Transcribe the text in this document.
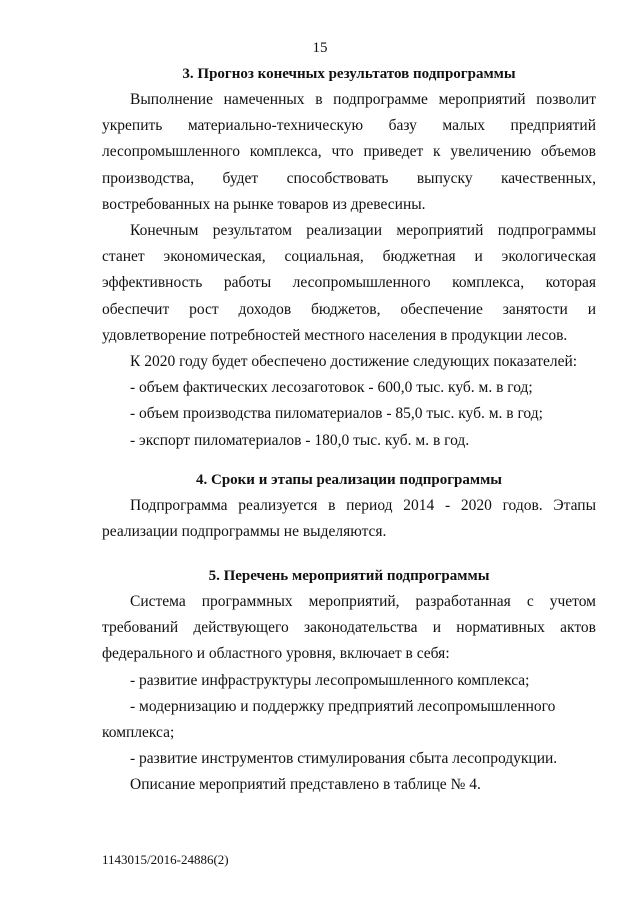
15
3. Прогноз конечных результатов подпрограммы

Выполнение намеченных в подпрограмме мероприятий позволит укрепить материально-техническую базу малых предприятий лесопромышленного комплекса, что приведет к увеличению объемов производства, будет способствовать выпуску качественных, востребованных на рынке товаров из древесины.

Конечным результатом реализации мероприятий подпрограммы станет экономическая, социальная, бюджетная и экологическая эффективность работы лесопромышленного комплекса, которая обеспечит рост доходов бюджетов, обеспечение занятости и удовлетворение потребностей местного населения в продукции лесов.

К 2020 году будет обеспечено достижение следующих показателей:

- объем фактических лесозаготовок - 600,0 тыс. куб. м. в год;
- объем производства пиломатериалов - 85,0 тыс. куб. м. в год;
- экспорт пиломатериалов - 180,0 тыс. куб. м. в год.
4. Сроки и этапы реализации подпрограммы

Подпрограмма реализуется в период 2014 - 2020 годов. Этапы реализации подпрограммы не выделяются.

5. Перечень мероприятий подпрограммы

Система программных мероприятий, разработанная с учетом требований действующего законодательства и нормативных актов федерального и областного уровня, включает в себя:

- развитие инфраструктуры лесопромышленного комплекса;
- модернизацию и поддержку предприятий лесопромышленного комплекса;
- развитие инструментов стимулирования сбыта лесопродукции.

Описание мероприятий представлено в таблице № 4.

1143015/2016-24886(2)
